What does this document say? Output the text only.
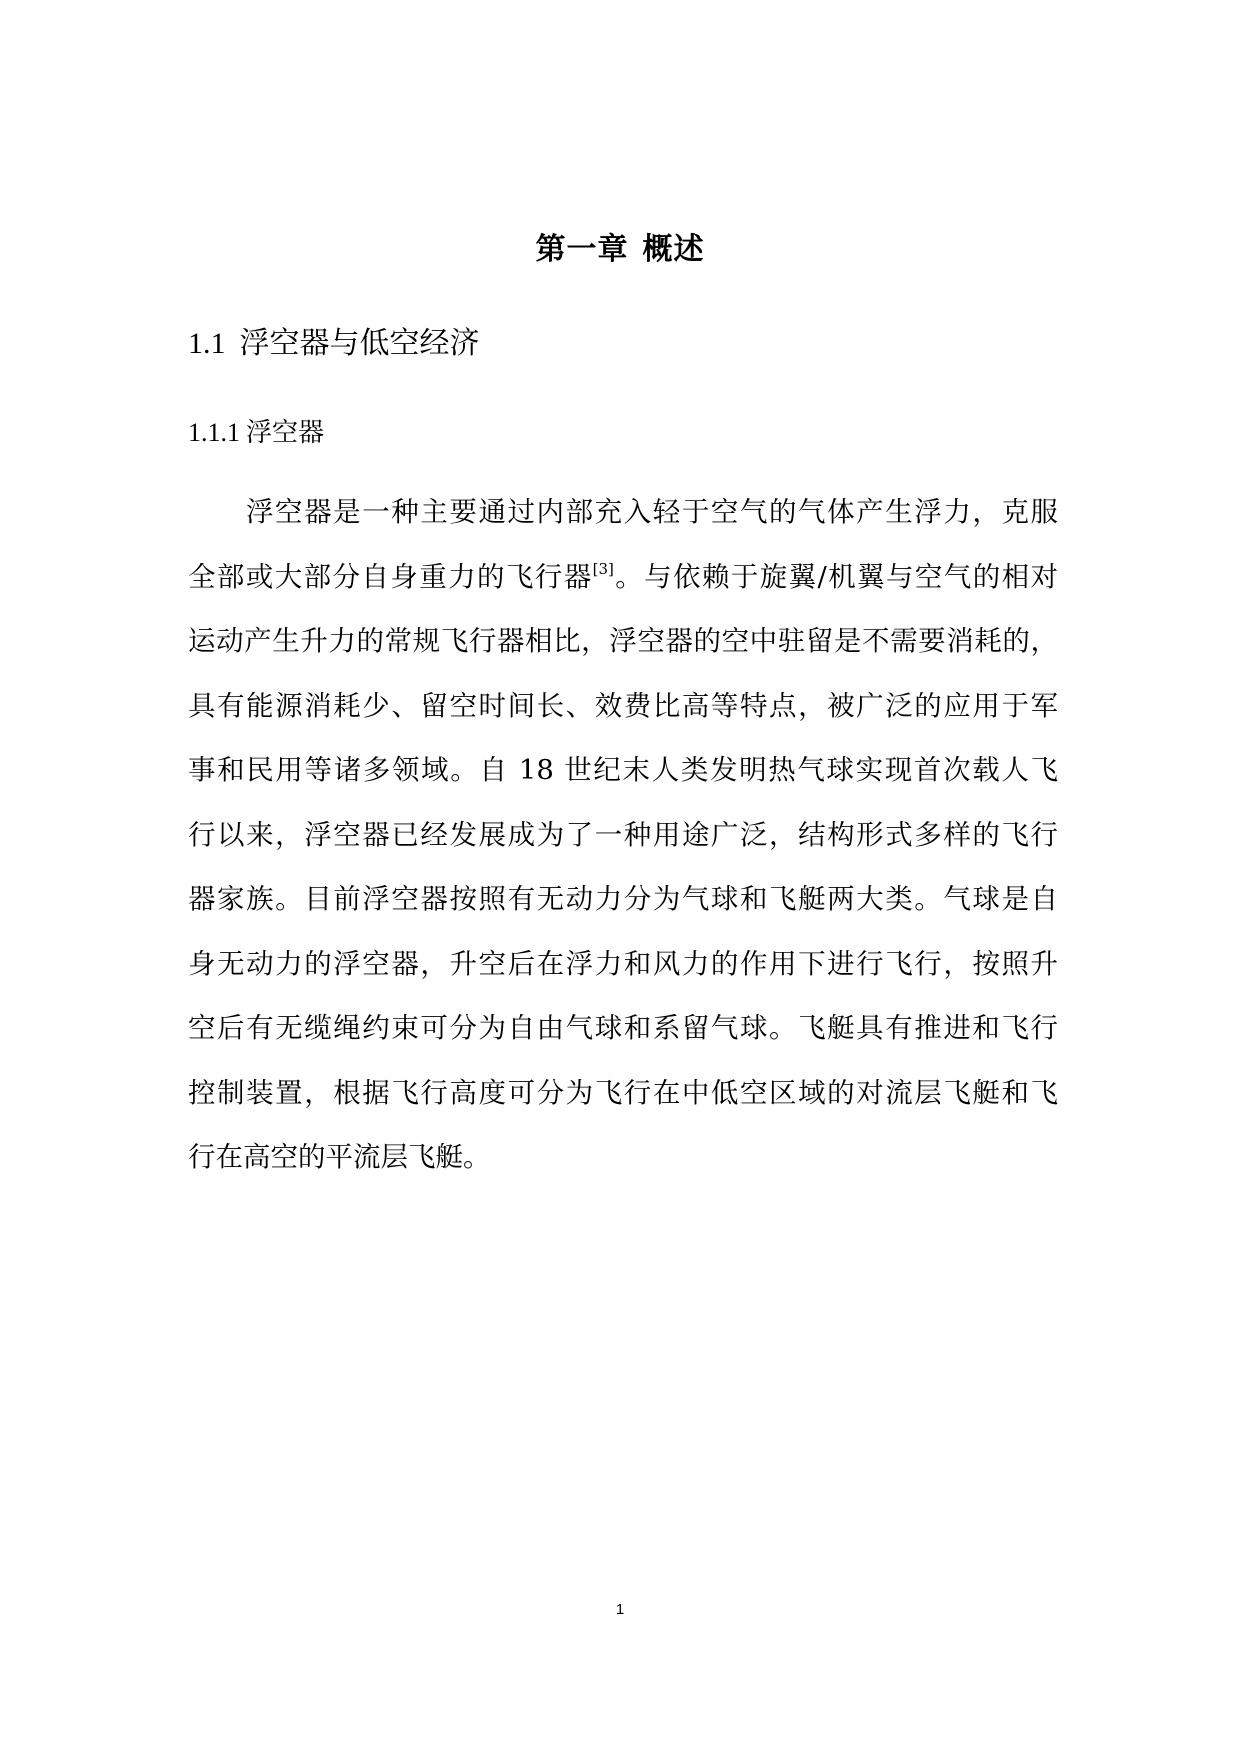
第一章 概述
1.1 浮空器与低空经济
1.1.1 浮空器
浮空器是一种主要通过内部充入轻于空气的气体产生浮力，克服
全部或大部分自身重力的飞行器[3]。与依赖于旋翼/机翼与空气的相对
运动产生升力的常规飞行器相比，浮空器的空中驻留是不需要消耗的，
具有能源消耗少、留空时间长、效费比高等特点，被广泛的应用于军
事和民用等诸多领域。自 18 世纪末人类发明热气球实现首次载人飞
行以来，浮空器已经发展成为了一种用途广泛，结构形式多样的飞行
器家族。目前浮空器按照有无动力分为气球和飞艇两大类。气球是自
身无动力的浮空器，升空后在浮力和风力的作用下进行飞行，按照升
空后有无缆绳约束可分为自由气球和系留气球。飞艇具有推进和飞行
控制装置，根据飞行高度可分为飞行在中低空区域的对流层飞艇和飞
行在高空的平流层飞艇。
1
